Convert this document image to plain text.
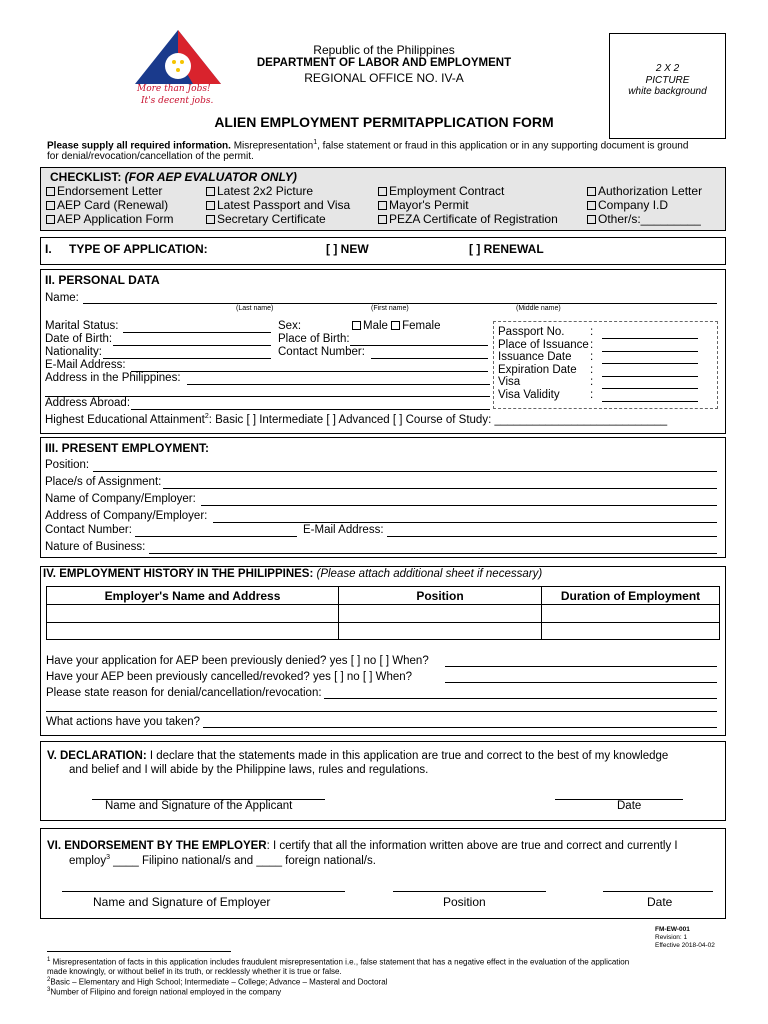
More than Jobs!
It's decent jobs.
Republic of the Philippines
DEPARTMENT OF LABOR AND EMPLOYMENT
REGIONAL OFFICE NO. IV-A
ALIEN EMPLOYMENT PERMITAPPLICATION FORM
2 X 2
PICTURE
white background
Please supply all required information. Misrepresentation$^1$, false statement or fraud in this application or in any supporting document is ground
for denial/revocation/cancellation of the permit.
CHECKLIST: (FOR AEP EVALUATOR ONLY)
Endorsement Letter	Latest 2x2 Picture	Employment Contract	Authorization Letter
AEP Card (Renewal)	Latest Passport and Visa	Mayor's Permit	Company I.D
AEP Application Form	Secretary Certificate	PEZA Certificate of Registration	Other/s:_________
I. TYPE OF APPLICATION:	[ ] NEW	[ ] RENEWAL
II. PERSONAL DATA
Name:
(Last name)	(First name)	(Middle name)
Marital Status:	Sex:	Male Female
Date of Birth:	Place of Birth:
Nationality:	Contact Number:
E-Mail Address:
Address in the Philippines:
Address Abroad:
Highest Educational Attainment$^2$: Basic [ ] Intermediate [ ] Advanced [ ] Course of Study: ___________________________
Passport No. :
Place of Issuance :
Issuance Date :
Expiration Date :
Visa	:
Visa Validity	:
III. PRESENT EMPLOYMENT:
Position:
Place/s of Assignment:
Name of Company/Employer:
Address of Company/Employer:
Contact Number:	E-Mail Address:
Nature of Business:
IV. EMPLOYMENT HISTORY IN THE PHILIPPINES: (Please attach additional sheet if necessary)
Employer's Name and Address	Position	Duration of Employment

Have your application for AEP been previously denied? yes [ ] no [ ] When?
Have your AEP been previously cancelled/revoked? yes [ ] no [ ] When?
Please state reason for denial/cancellation/revocation:
What actions have you taken?
V. DECLARATION: I declare that the statements made in this application are true and correct to the best of my knowledge
and belief and I will abide by the Philippine laws, rules and regulations.
Name and Signature of the Applicant	Date
VI. ENDORSEMENT BY THE EMPLOYER: I certify that all the information written above are true and correct and currently I
employ$^3$ ____ Filipino national/s and ____ foreign national/s.
Name and Signature of Employer	Position	Date
FM-EW-001
Revision: 1
Effective 2018-04-02
$^1$ Misrepresentation of facts in this application includes fraudulent misrepresentation i.e., false statement that has a negative effect in the evaluation of the application
made knowingly, or without belief in its truth, or recklessly whether it is true or false.
$^2$Basic – Elementary and High School; Intermediate – College; Advance – Masteral and Doctoral
$^3$Number of Filipino and foreign national employed in the company
